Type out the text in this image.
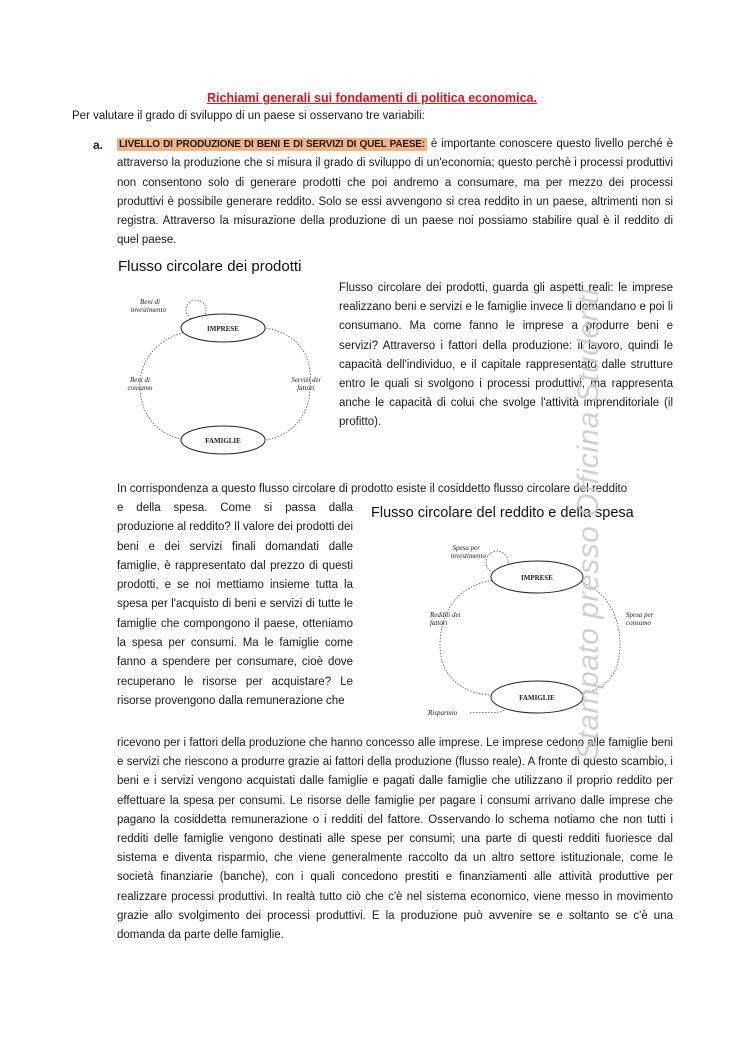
Richiami generali sui fondamenti di politica economica.
Per valutare il grado di sviluppo di un paese si osservano tre variabili:
a. LIVELLO DI PRODUZIONE DI BENI E DI SERVIZI DI QUEL PAESE: è importante conoscere questo livello perché è attraverso la produzione che si misura il grado di sviluppo di un'economia; questo perchè i processi produttivi non consentono solo di generare prodotti che poi andremo a consumare, ma per mezzo dei processi produttivi è possibile generare reddito. Solo se essi avvengono si crea reddito in un paese, altrimenti non si registra. Attraverso la misurazione della produzione di un paese noi possiamo stabilire qual è il reddito di quel paese.
Flusso circolare dei prodotti
IMPRESE
FAMIGLIE
Beni di
investimento
Beni di
consumo
Servizi dei
fattori
Flusso circolare dei prodotti, guarda gli aspetti reali: le imprese realizzano beni e servizi e le famiglie invece li domandano e poi li consumano. Ma come fanno le imprese a produrre beni e servizi? Attraverso i fattori della produzione: il lavoro, quindi le capacità dell'individuo, e il capitale rappresentato dalle strutture entro le quali si svolgono i processi produttivi, ma rappresenta anche le capacità di colui che svolge l'attività imprenditoriale (il profitto).
In corrispondenza a questo flusso circolare di prodotto esiste il cosiddetto flusso circolare del reddito
e della spesa. Come si passa dalla produzione al reddito? Il valore dei prodotti dei beni e dei servizi finali domandati dalle famiglie, è rappresentato dal prezzo di questi prodotti, e se noi mettiamo insieme tutta la spesa per l'acquisto di beni e servizi di tutte le famiglie che compongono il paese, otteniamo la spesa per consumi. Ma le famiglie come fanno a spendere per consumare, cioè dove recuperano le risorse per acquistare? Le risorse provengono dalla remunerazione che
Flusso circolare del reddito e della spesa
IMPRESE
FAMIGLIE
Spesa per
investimento
Redditi dei
fattori
Spesa per
consumo
Risparmio
ricevono per i fattori della produzione che hanno concesso alle imprese. Le imprese cedono alle famiglie beni e servizi che riescono a produrre grazie ai fattori della produzione (flusso reale). A fronte di questo scambio, i beni e i servizi vengono acquistati dalle famiglie e pagati dalle famiglie che utilizzano il proprio reddito per effettuare la spesa per consumi. Le risorse delle famiglie per pagare i consumi arrivano dalle imprese che pagano la cosiddetta remunerazione o i redditi del fattore. Osservando lo schema notiamo che non tutti i redditi delle famiglie vengono destinati alle spese per consumi; una parte di questi redditi fuoriesce dal sistema e diventa risparmio, che viene generalmente raccolto da un altro settore istituzionale, come le società finanziarie (banche), con i quali concedono prestiti e finanziamenti alle attività produttive per realizzare processi produttivi. In realtà tutto ciò che c'è nel sistema economico, viene messo in movimento grazie allo svolgimento dei processi produttivi. E la produzione può avvenire se e soltanto se c'è una domanda da parte delle famiglie.
Stampato presso Officina Studenti
